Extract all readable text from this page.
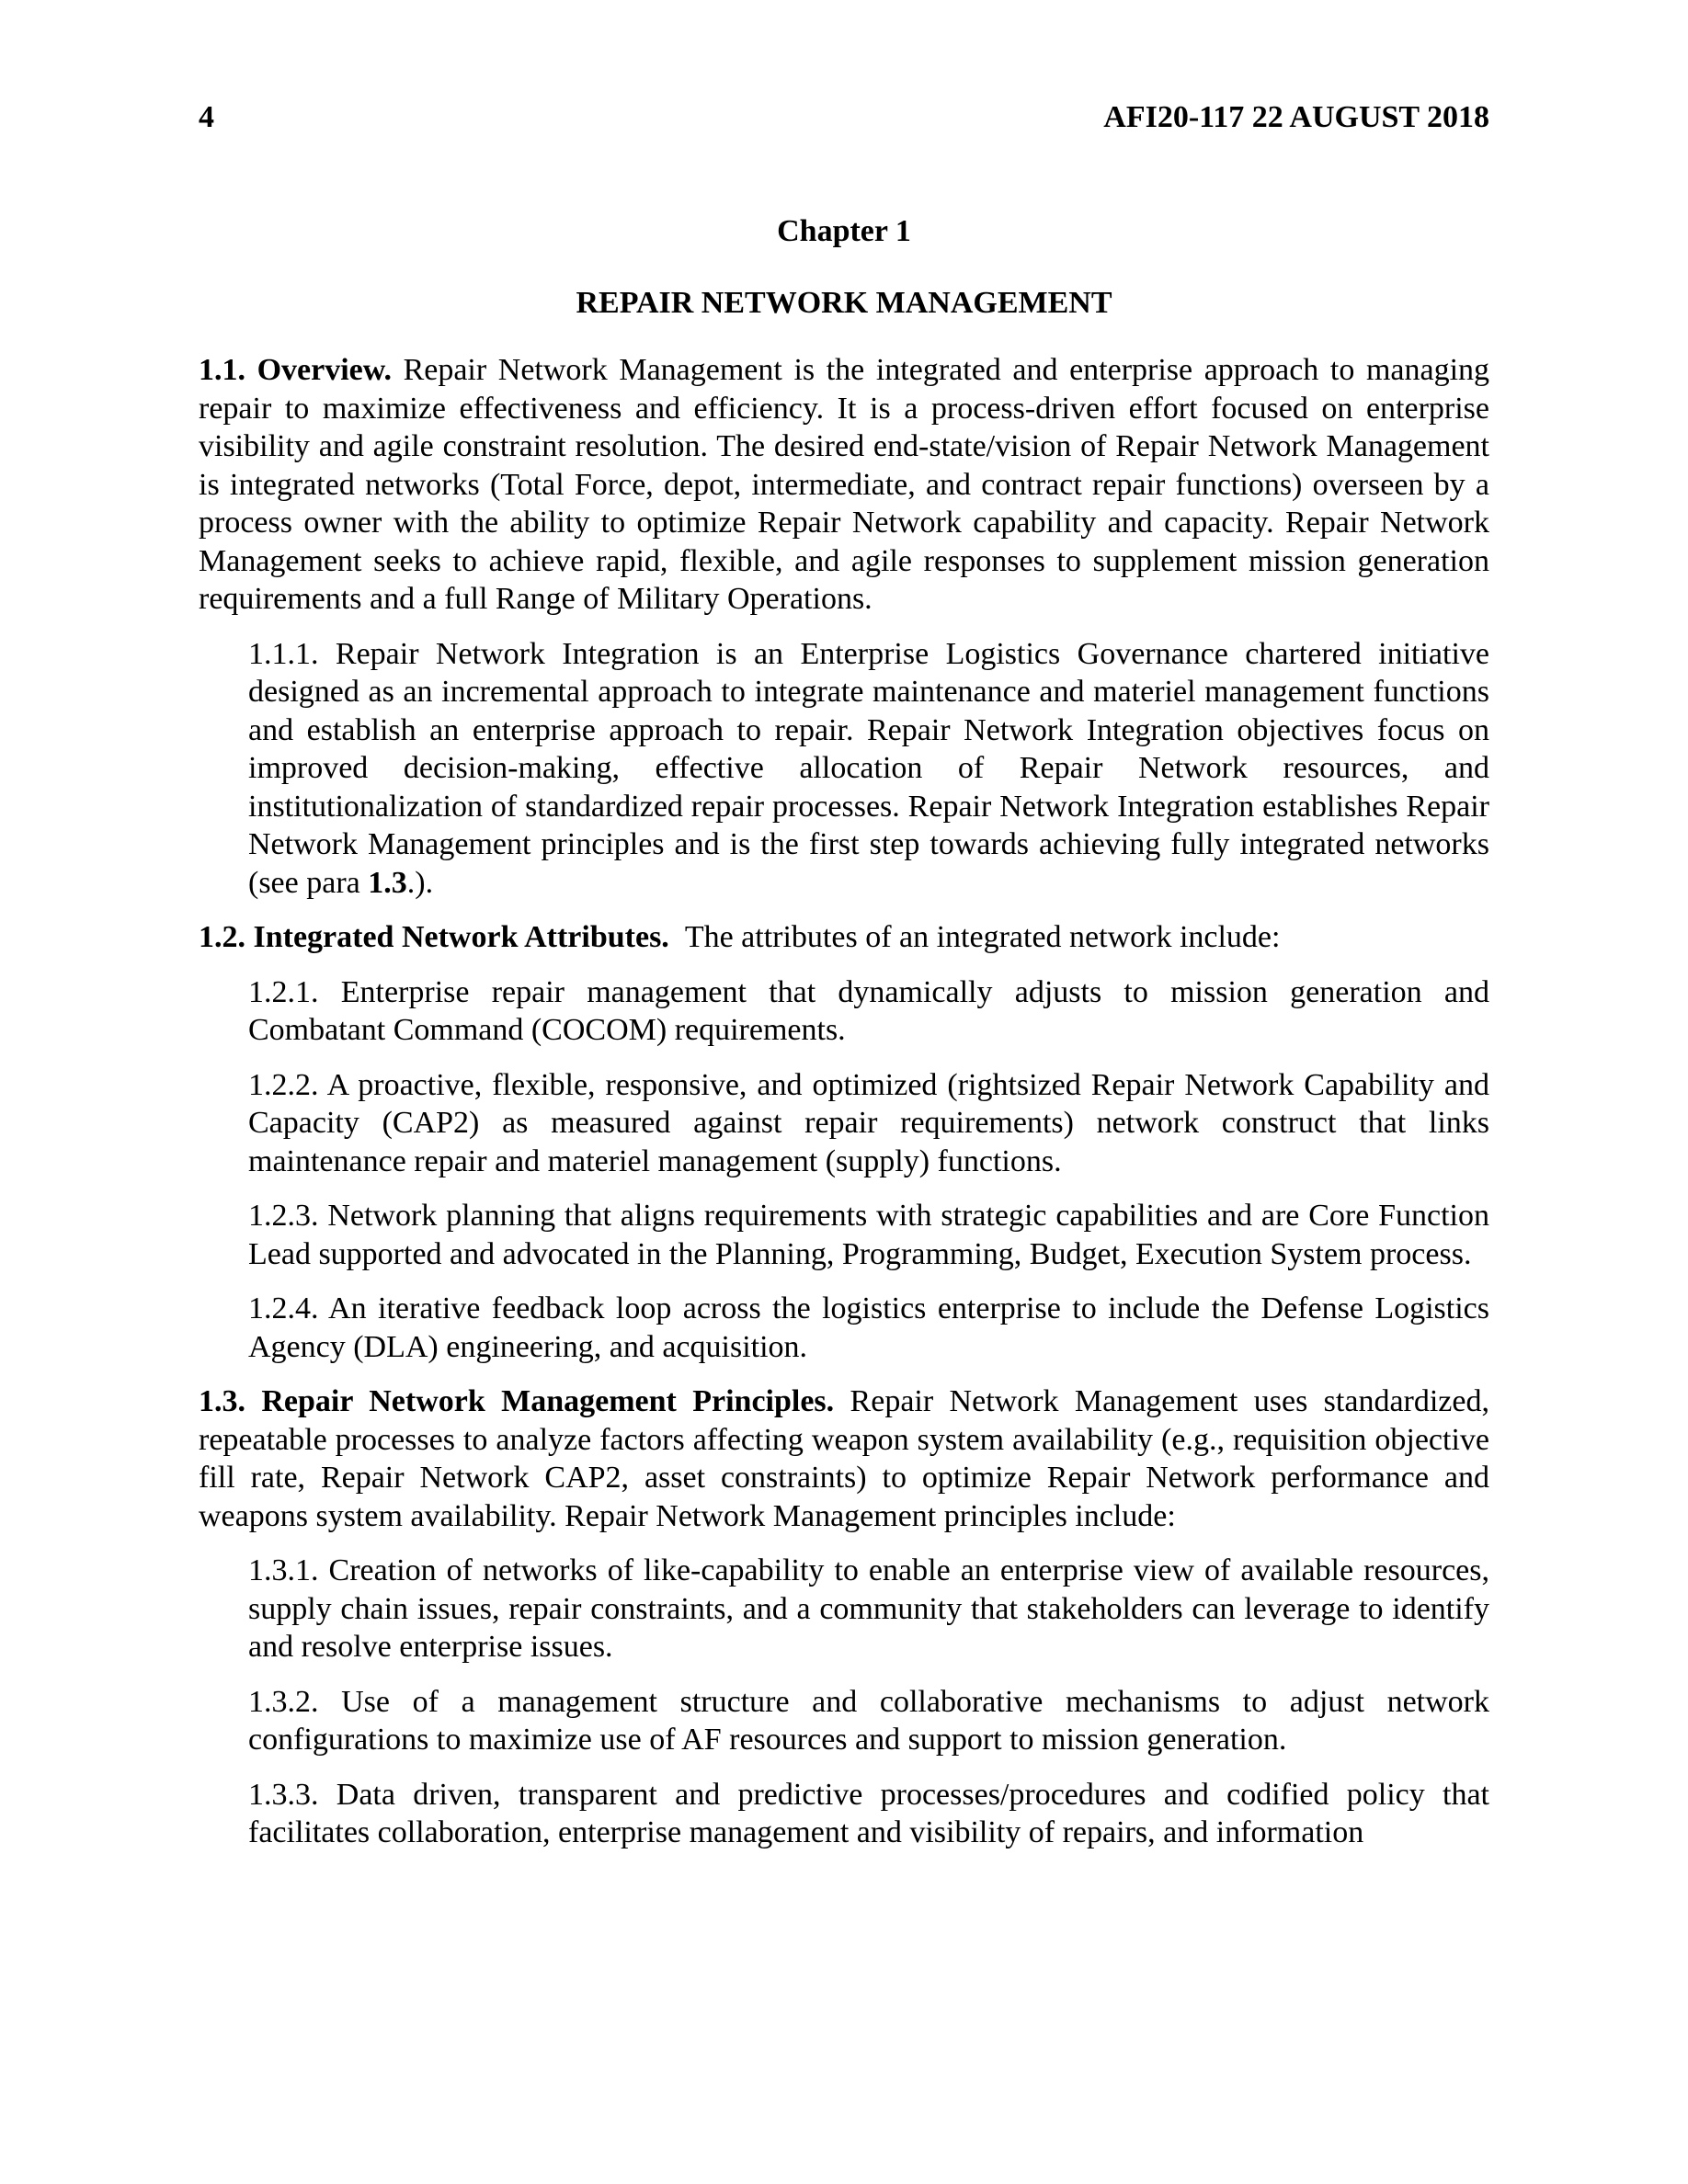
4	AFI20-117 22 AUGUST 2018
Chapter 1
REPAIR NETWORK MANAGEMENT

1.1. Overview. Repair Network Management is the integrated and enterprise approach to managing repair to maximize effectiveness and efficiency. It is a process-driven effort focused on enterprise visibility and agile constraint resolution. The desired end-state/vision of Repair Network Management is integrated networks (Total Force, depot, intermediate, and contract repair functions) overseen by a process owner with the ability to optimize Repair Network capability and capacity. Repair Network Management seeks to achieve rapid, flexible, and agile responses to supplement mission generation requirements and a full Range of Military Operations.

1.1.1. Repair Network Integration is an Enterprise Logistics Governance chartered initiative designed as an incremental approach to integrate maintenance and materiel management functions and establish an enterprise approach to repair. Repair Network Integration objectives focus on improved decision-making, effective allocation of Repair Network resources, and institutionalization of standardized repair processes. Repair Network Integration establishes Repair Network Management principles and is the first step towards achieving fully integrated networks (see para 1.3.).

1.2. Integrated Network Attributes. The attributes of an integrated network include:

1.2.1. Enterprise repair management that dynamically adjusts to mission generation and Combatant Command (COCOM) requirements.

1.2.2. A proactive, flexible, responsive, and optimized (rightsized Repair Network Capability and Capacity (CAP2) as measured against repair requirements) network construct that links maintenance repair and materiel management (supply) functions.

1.2.3. Network planning that aligns requirements with strategic capabilities and are Core Function Lead supported and advocated in the Planning, Programming, Budget, Execution System process.

1.2.4. An iterative feedback loop across the logistics enterprise to include the Defense Logistics Agency (DLA) engineering, and acquisition.

1.3. Repair Network Management Principles. Repair Network Management uses standardized, repeatable processes to analyze factors affecting weapon system availability (e.g., requisition objective fill rate, Repair Network CAP2, asset constraints) to optimize Repair Network performance and weapons system availability. Repair Network Management principles include:

1.3.1. Creation of networks of like-capability to enable an enterprise view of available resources, supply chain issues, repair constraints, and a community that stakeholders can leverage to identify and resolve enterprise issues.

1.3.2. Use of a management structure and collaborative mechanisms to adjust network configurations to maximize use of AF resources and support to mission generation.

1.3.3. Data driven, transparent and predictive processes/procedures and codified policy that facilitates collaboration, enterprise management and visibility of repairs, and information
